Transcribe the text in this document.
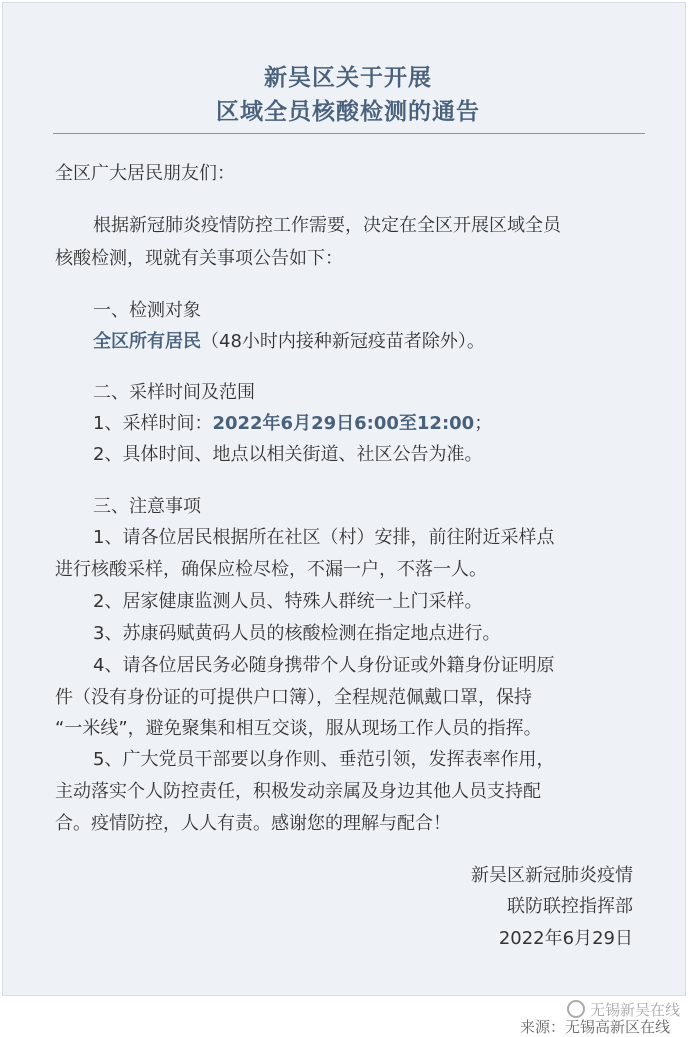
新吴区关于开展
区域全员核酸检测的通告
全区广大居民朋友们：
根据新冠肺炎疫情防控工作需要，决定在全区开展区域全员
核酸检测，现就有关事项公告如下：
一、检测对象
全区所有居民（48小时内接种新冠疫苗者除外）。
二、采样时间及范围
1、采样时间：2022年6月29日6:00至12:00；
2、具体时间、地点以相关街道、社区公告为准。
三、注意事项
1、请各位居民根据所在社区（村）安排，前往附近采样点
进行核酸采样，确保应检尽检，不漏一户，不落一人。
2、居家健康监测人员、特殊人群统一上门采样。
3、苏康码赋黄码人员的核酸检测在指定地点进行。
4、请各位居民务必随身携带个人身份证或外籍身份证明原
件（没有身份证的可提供户口簿），全程规范佩戴口罩，保持
“一米线”，避免聚集和相互交谈，服从现场工作人员的指挥。
5、广大党员干部要以身作则、垂范引领，发挥表率作用，
主动落实个人防控责任，积极发动亲属及身边其他人员支持配
合。疫情防控，人人有责。感谢您的理解与配合！
新吴区新冠肺炎疫情
联防联控指挥部
2022年6月29日
无锡新吴在线
来源：无锡高新区在线
